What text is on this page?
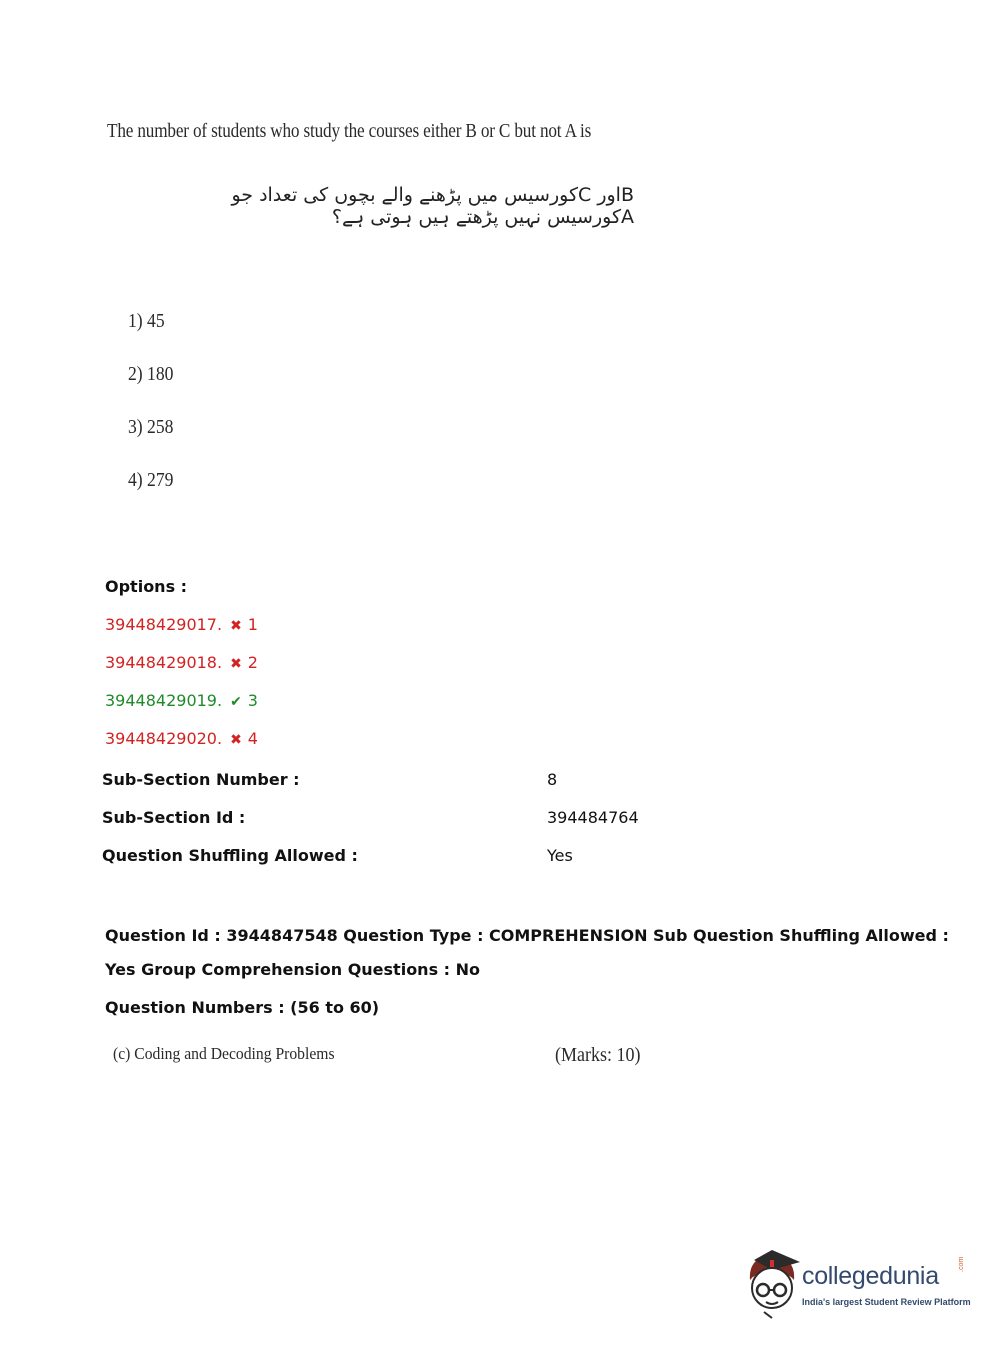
The number of students who study the courses either B or C but not A is
Bاور Cکورسیس میں پڑھنے والے بچوں کی تعداد جو Aکورسیس نہیں پڑھتے ہیں ہوتی ہے؟
1) 45
2) 180
3) 258
4) 279
Options :
39448429017. ✖ 1
39448429018. ✖ 2
39448429019. ✔ 3
39448429020. ✖ 4
Sub-Section Number :	8
Sub-Section Id :	394484764
Question Shuffling Allowed :	Yes
Question Id : 3944847548 Question Type : COMPREHENSION Sub Question Shuffling Allowed :
Yes Group Comprehension Questions : No
Question Numbers : (56 to 60)
(c) Coding and Decoding Problems	(Marks: 10)
collegedunia	.com
India's largest Student Review Platform
